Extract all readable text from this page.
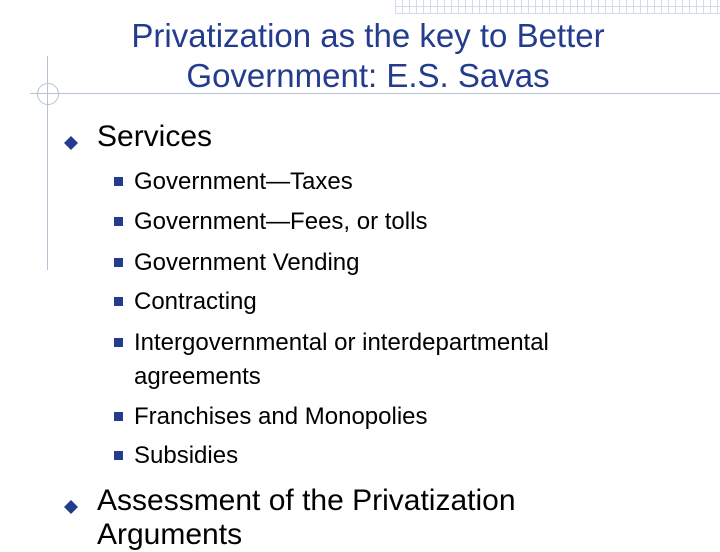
Privatization as the key to Better
Government: E.S. Savas
Services
Government—Taxes
Government—Fees, or tolls
Government Vending
Contracting
Intergovernmental or interdepartmental
agreements
Franchises and Monopolies
Subsidies
Assessment of the Privatization
Arguments
